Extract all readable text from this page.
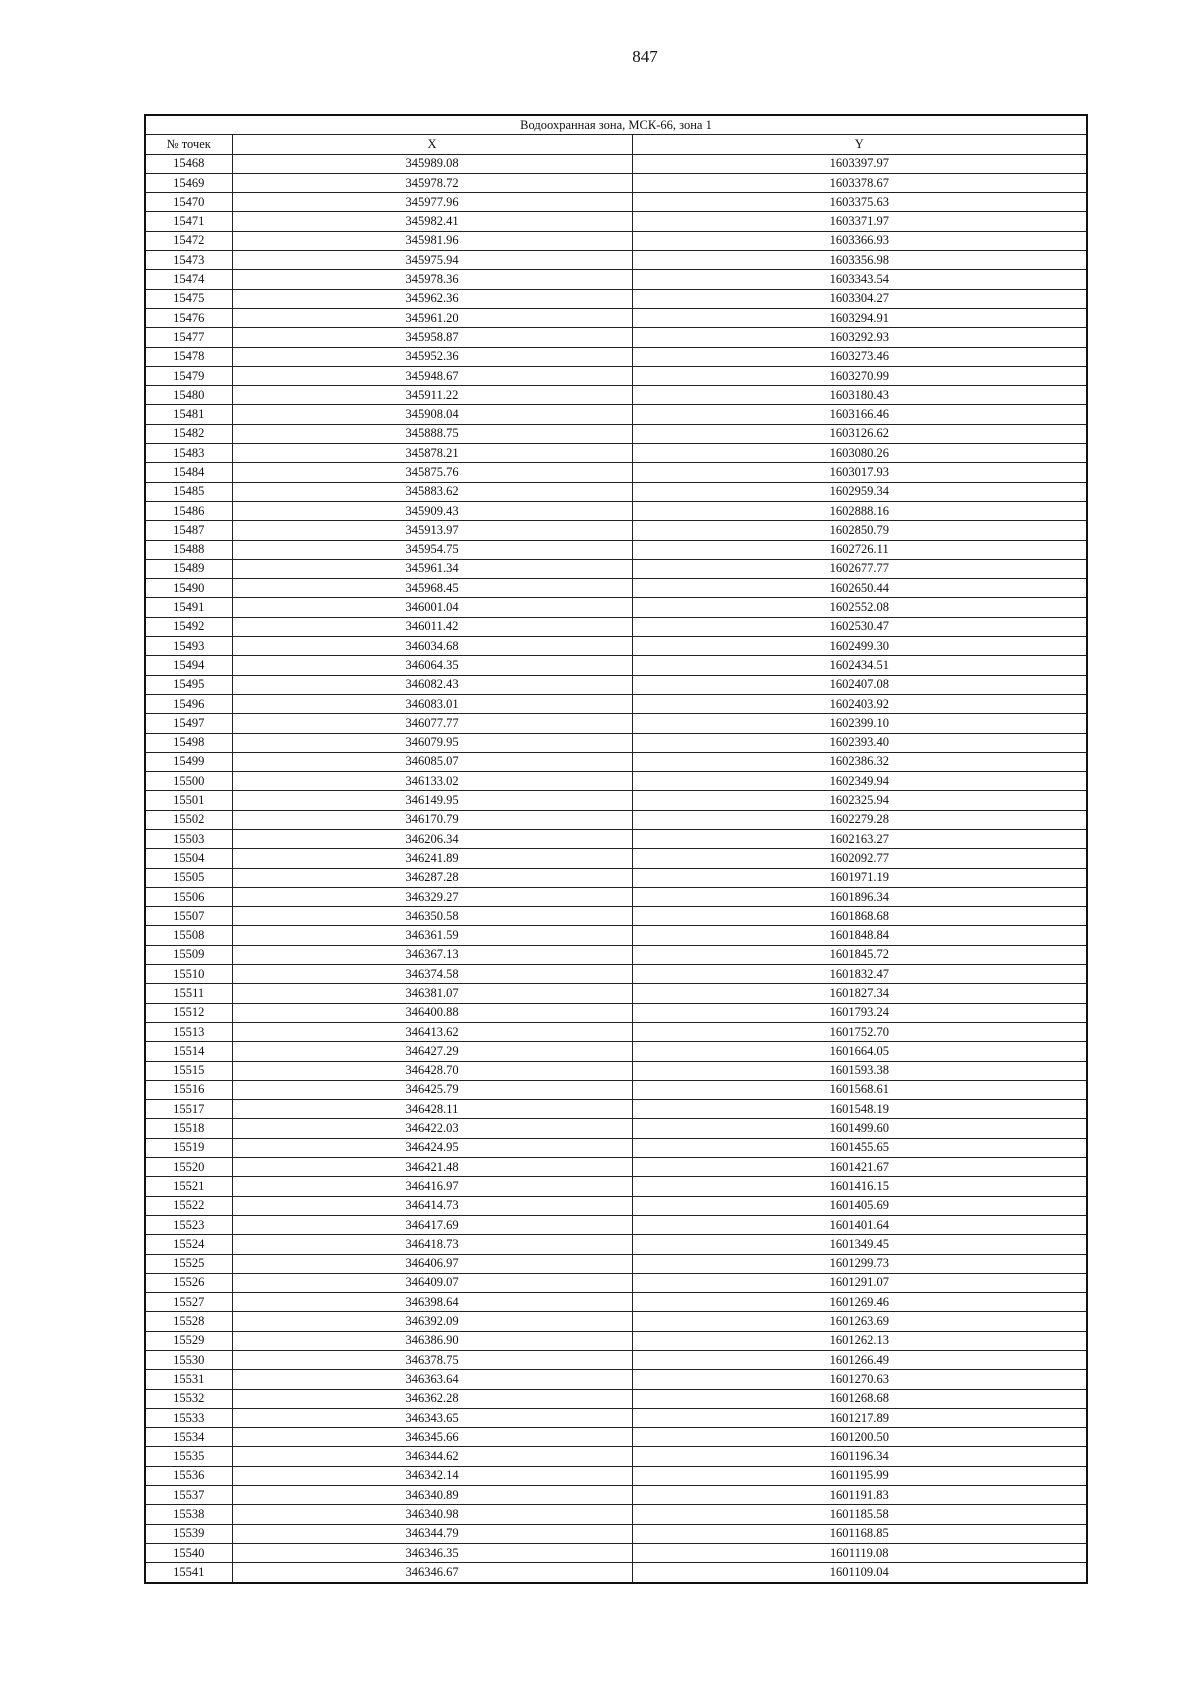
847
Водоохранная зона, МСК-66, зона 1		
№ точек	X	Y
15468	345989.08	1603397.97
15469	345978.72	1603378.67
15470	345977.96	1603375.63
15471	345982.41	1603371.97
15472	345981.96	1603366.93
15473	345975.94	1603356.98
15474	345978.36	1603343.54
15475	345962.36	1603304.27
15476	345961.20	1603294.91
15477	345958.87	1603292.93
15478	345952.36	1603273.46
15479	345948.67	1603270.99
15480	345911.22	1603180.43
15481	345908.04	1603166.46
15482	345888.75	1603126.62
15483	345878.21	1603080.26
15484	345875.76	1603017.93
15485	345883.62	1602959.34
15486	345909.43	1602888.16
15487	345913.97	1602850.79
15488	345954.75	1602726.11
15489	345961.34	1602677.77
15490	345968.45	1602650.44
15491	346001.04	1602552.08
15492	346011.42	1602530.47
15493	346034.68	1602499.30
15494	346064.35	1602434.51
15495	346082.43	1602407.08
15496	346083.01	1602403.92
15497	346077.77	1602399.10
15498	346079.95	1602393.40
15499	346085.07	1602386.32
15500	346133.02	1602349.94
15501	346149.95	1602325.94
15502	346170.79	1602279.28
15503	346206.34	1602163.27
15504	346241.89	1602092.77
15505	346287.28	1601971.19
15506	346329.27	1601896.34
15507	346350.58	1601868.68
15508	346361.59	1601848.84
15509	346367.13	1601845.72
15510	346374.58	1601832.47
15511	346381.07	1601827.34
15512	346400.88	1601793.24
15513	346413.62	1601752.70
15514	346427.29	1601664.05
15515	346428.70	1601593.38
15516	346425.79	1601568.61
15517	346428.11	1601548.19
15518	346422.03	1601499.60
15519	346424.95	1601455.65
15520	346421.48	1601421.67
15521	346416.97	1601416.15
15522	346414.73	1601405.69
15523	346417.69	1601401.64
15524	346418.73	1601349.45
15525	346406.97	1601299.73
15526	346409.07	1601291.07
15527	346398.64	1601269.46
15528	346392.09	1601263.69
15529	346386.90	1601262.13
15530	346378.75	1601266.49
15531	346363.64	1601270.63
15532	346362.28	1601268.68
15533	346343.65	1601217.89
15534	346345.66	1601200.50
15535	346344.62	1601196.34
15536	346342.14	1601195.99
15537	346340.89	1601191.83
15538	346340.98	1601185.58
15539	346344.79	1601168.85
15540	346346.35	1601119.08
15541	346346.67	1601109.04
